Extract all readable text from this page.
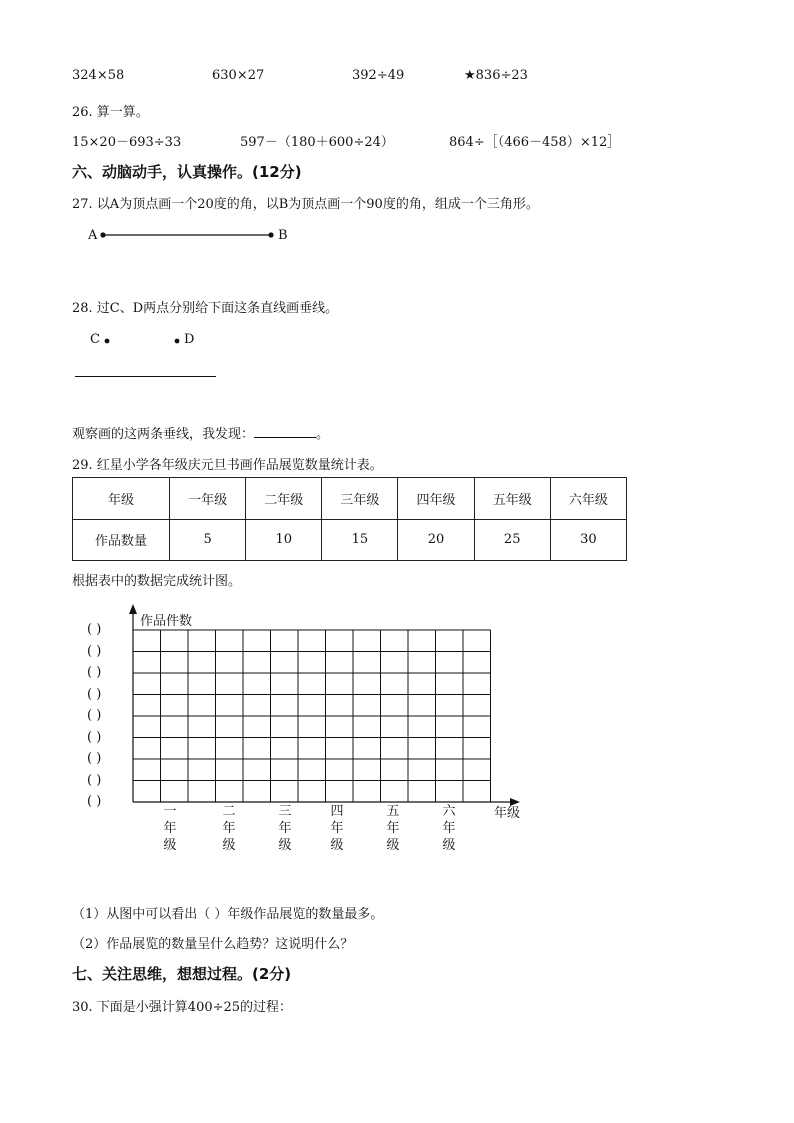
324×58	630×27	392÷49	★836÷23
26. 算一算。
15×20－693÷33	597－（180＋600÷24）	864÷［（466－458）×12］
六、动脑动手，认真操作。(12分)
27. 以A为顶点画一个20度的角，以B为顶点画一个90度的角，组成一个三角形。
A	B
28. 过C、D两点分别给下面这条直线画垂线。
C	D
观察画的这两条垂线，我发现：	。
29. 红星小学各年级庆元旦书画作品展览数量统计表。
年级	一年级	二年级	三年级	四年级	五年级	六年级
作品数量	5	10	15	20	25	30
根据表中的数据完成统计图。
作品件数
( )
( )
( )
( )
( )
( )
( )
( )
( )
一
年
级
二
年
级
三
年
级
四
年
级
五
年
级
六
年
级
年级
（1）从图中可以看出（ ）年级作品展览的数量最多。
（2）作品展览的数量呈什么趋势？这说明什么？
七、关注思维，想想过程。(2分)
30. 下面是小强计算400÷25的过程：
